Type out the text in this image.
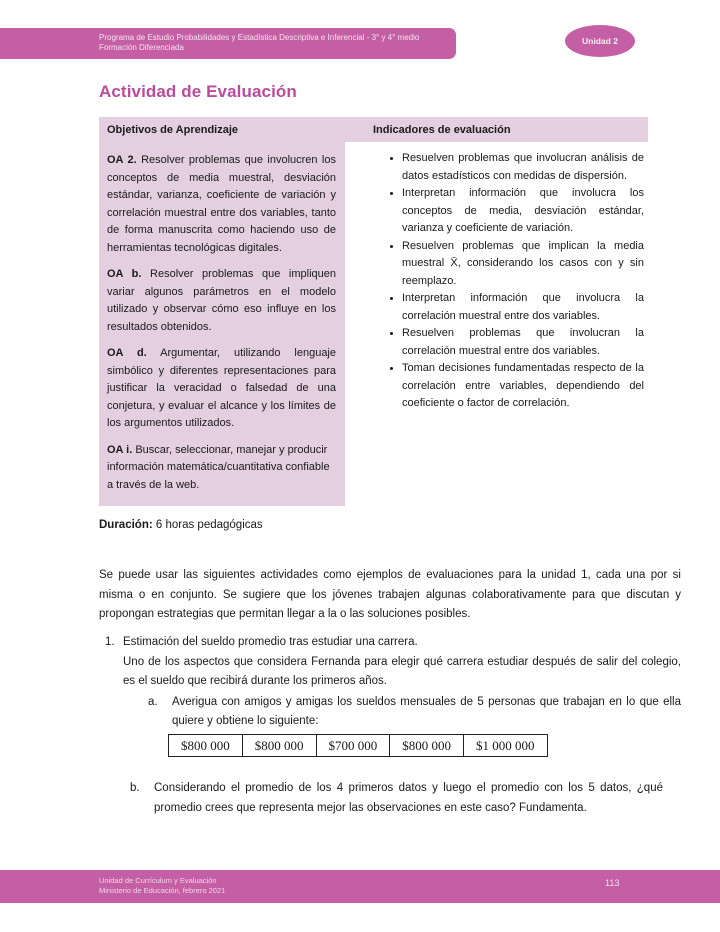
Programa de Estudio Probabilidades y Estadística Descriptiva e Inferencial - 3° y 4° medio
Formación Diferenciada
Unidad 2
Actividad de Evaluación
Objetivos de Aprendizaje	Indicadores de evaluación

OA 2. Resolver problemas que involucren los conceptos de media muestral, desviación estándar, varianza, coeficiente de variación y correlación muestral entre dos variables, tanto de forma manuscrita como haciendo uso de herramientas tecnológicas digitales.

OA b. Resolver problemas que impliquen variar algunos parámetros en el modelo utilizado y observar cómo eso influye en los resultados obtenidos.

OA d. Argumentar, utilizando lenguaje simbólico y diferentes representaciones para justificar la veracidad o falsedad de una conjetura, y evaluar el alcance y los límites de los argumentos utilizados.

OA i. Buscar, seleccionar, manejar y producir información matemática/cuantitativa confiable a través de la web.

• Resuelven problemas que involucran análisis de datos estadísticos con medidas de dispersión.
• Interpretan información que involucra los conceptos de media, desviación estándar, varianza y coeficiente de variación.
• Resuelven problemas que implican la media muestral X̄, considerando los casos con y sin reemplazo.
• Interpretan información que involucra la correlación muestral entre dos variables.
• Resuelven problemas que involucran la correlación muestral entre dos variables.
• Toman decisiones fundamentadas respecto de la correlación entre variables, dependiendo del coeficiente o factor de correlación.
Duración: 6 horas pedagógicas
Se puede usar las siguientes actividades como ejemplos de evaluaciones para la unidad 1, cada una por si misma o en conjunto. Se sugiere que los jóvenes trabajen algunas colaborativamente para que discutan y propongan estrategias que permitan llegar a la o las soluciones posibles.
1. Estimación del sueldo promedio tras estudiar una carrera.
Uno de los aspectos que considera Fernanda para elegir qué carrera estudiar después de salir del colegio, es el sueldo que recibirá durante los primeros años.
a.	Averigua con amigos y amigas los sueldos mensuales de 5 personas que trabajan en lo que ella quiere y obtiene lo siguiente:
$800 000	$800 000	$700 000	$800 000	$1 000 000
b.	Considerando el promedio de los 4 primeros datos y luego el promedio con los 5 datos, ¿qué promedio crees que representa mejor las observaciones en este caso? Fundamenta.
Unidad de Currículum y Evaluación
Ministerio de Educación, febrero 2021
113
